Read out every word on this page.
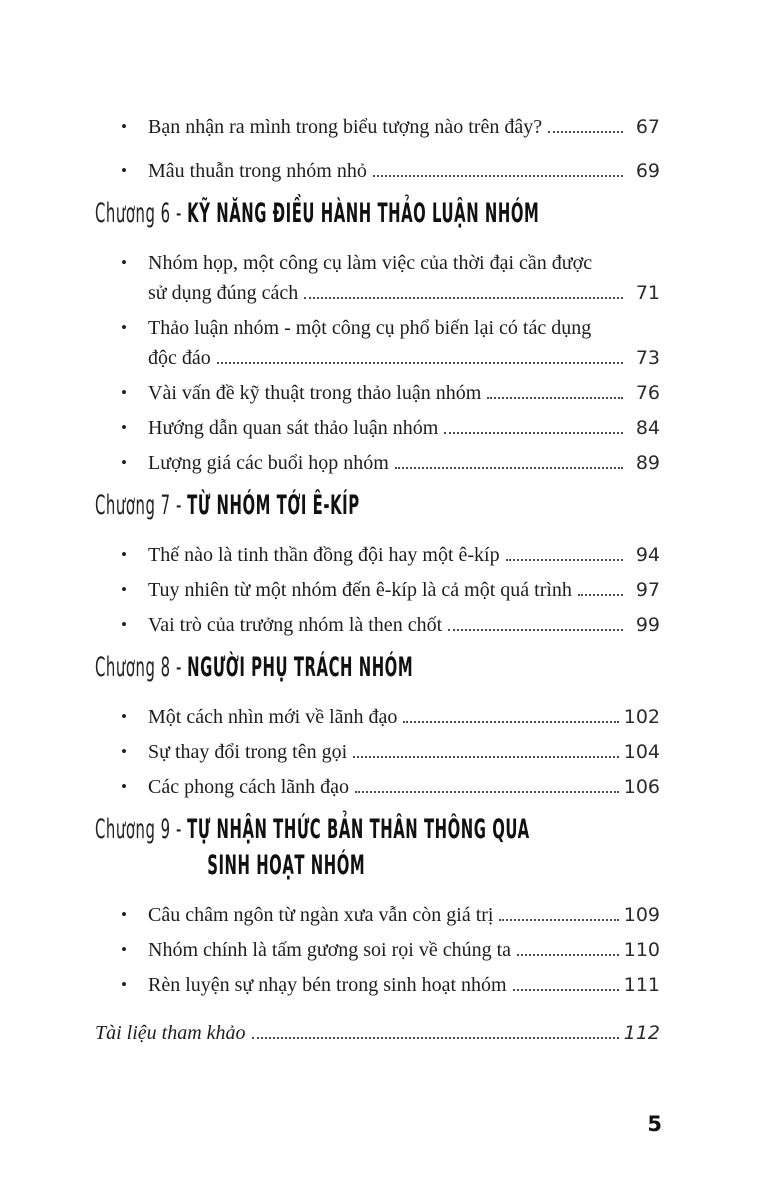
• Bạn nhận ra mình trong biểu tượng nào trên đây?	67
• Mâu thuẫn trong nhóm nhỏ	69
Chương 6 - KỸ NĂNG ĐIỀU HÀNH THẢO LUẬN NHÓM
• Nhóm họp, một công cụ làm việc của thời đại cần được
sử dụng đúng cách	71
• Thảo luận nhóm - một công cụ phổ biến lại có tác dụng
độc đáo	73
• Vài vấn đề kỹ thuật trong thảo luận nhóm	76
• Hướng dẫn quan sát thảo luận nhóm	84
• Lượng giá các buổi họp nhóm	89
Chương 7 - TỪ NHÓM TỚI Ê-KÍP
• Thế nào là tinh thần đồng đội hay một ê-kíp	94
• Tuy nhiên từ một nhóm đến ê-kíp là cả một quá trình	97
• Vai trò của trưởng nhóm là then chốt	99
Chương 8 - NGƯỜI PHỤ TRÁCH NHÓM
• Một cách nhìn mới về lãnh đạo	102
• Sự thay đổi trong tên gọi	104
• Các phong cách lãnh đạo	106
Chương 9 - TỰ NHẬN THỨC BẢN THÂN THÔNG QUA
SINH HOẠT NHÓM
• Câu châm ngôn từ ngàn xưa vẫn còn giá trị	109
• Nhóm chính là tấm gương soi rọi về chúng ta	110
• Rèn luyện sự nhạy bén trong sinh hoạt nhóm	111
Tài liệu tham khảo	112
5
